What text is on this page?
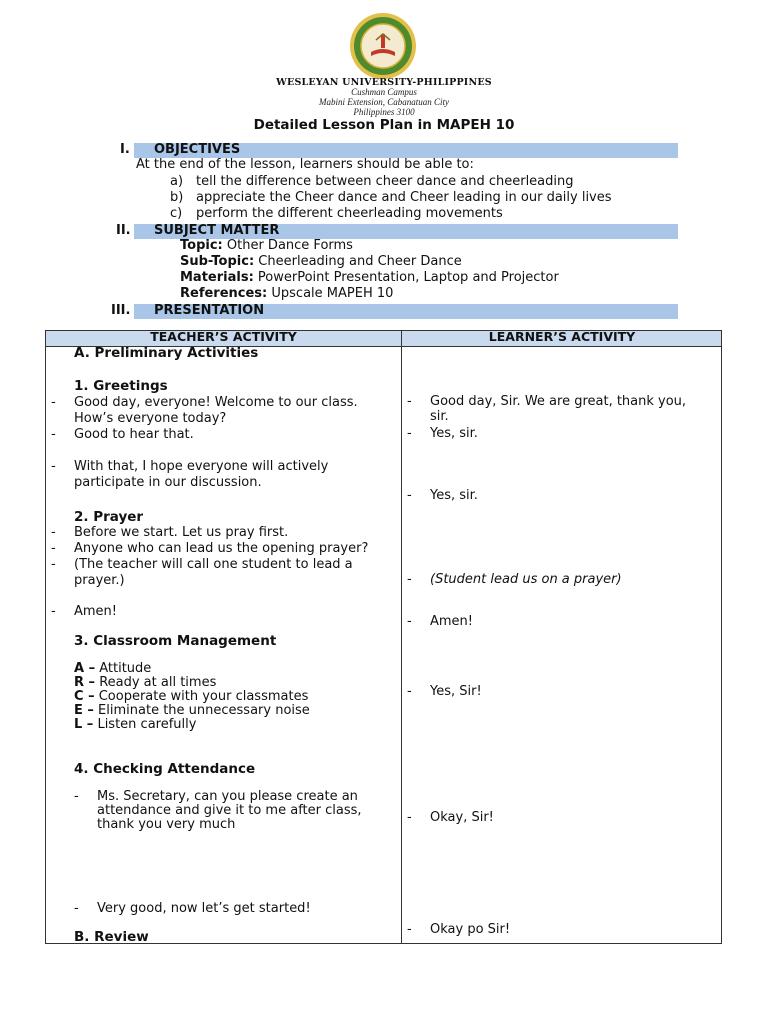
WESLEYAN UNIVERSITY-PHILIPPINES
Cushman Campus
Mabini Extension, Cabanatuan City
Philippines 3100
Detailed Lesson Plan in MAPEH 10
I. OBJECTIVES
At the end of the lesson, learners should be able to:
a) tell the difference between cheer dance and cheerleading
b) appreciate the Cheer dance and Cheer leading in our daily lives
c) perform the different cheerleading movements
II. SUBJECT MATTER
Topic: Other Dance Forms
Sub-Topic: Cheerleading and Cheer Dance
Materials: PowerPoint Presentation, Laptop and Projector
References: Upscale MAPEH 10
III. PRESENTATION
TEACHER’S ACTIVITY	LEARNER’S ACTIVITY
A. Preliminary Activities
1. Greetings
- Good day, everyone! Welcome to our class.
How’s everyone today?
- Good to hear that.
- With that, I hope everyone will actively
participate in our discussion.
2. Prayer
- Before we start. Let us pray first.
- Anyone who can lead us the opening prayer?
- (The teacher will call one student to lead a
prayer.)
- Amen!
3. Classroom Management
A – Attitude
R – Ready at all times
C – Cooperate with your classmates
E – Eliminate the unnecessary noise
L – Listen carefully
4. Checking Attendance
- Ms. Secretary, can you please create an
attendance and give it to me after class,
thank you very much
- Very good, now let’s get started!
B. Review
- Good day, Sir. We are great, thank you,
sir.
- Yes, sir.
- Yes, sir.
- (Student lead us on a prayer)
- Amen!
- Yes, Sir!
- Okay, Sir!
- Okay po Sir!
